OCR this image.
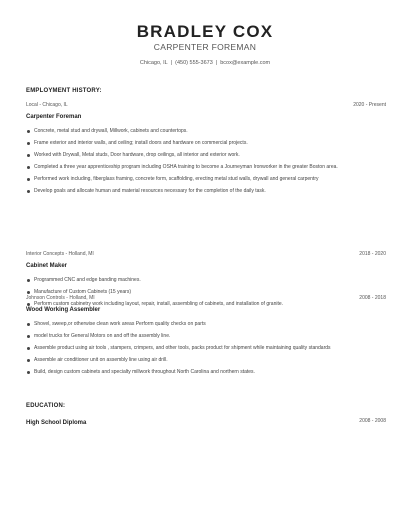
BRADLEY COX
CARPENTER FOREMAN
Chicago, IL | (450) 555-3673 | bcox@example.com
EMPLOYMENT HISTORY:
Local - Chicago, IL	2020 - Present
Carpenter Foreman
Concrete, metal stud and drywall, Millwork, cabinets and countertops.
Frame exterior and interior walls, and ceiling; install doors and hardware on commercial projects.
Worked with Drywall, Metal studs, Door hardware, drop ceilings, all interior and exterior work.
Completed a three year apprenticeship program including OSHA training to become a Journeyman Ironworker in the greater Boston area.
Performed work including, fiberglass framing, concrete form, scaffolding, erecting metal stud walls, drywall and general carpentry
Develop goals and allocate human and material resources necessary for the completion of the daily task.
Interior Concepts - Holland, MI	2018 - 2020
Cabinet Maker
Programmed CNC and edge banding machines.
Manufacture of Custom Cabinets (15 years)
Perform custom cabinetry work including layout, repair, install, assembling of cabinets, and installation of granite.
Johnson Controls - Holland, MI	2008 - 2018
Wood Working Assembler
Shovel, sweep,or otherwise clean work areas Perform quality checks on parts
model trucks for General Motors on and off the assembly line.
Assemble product using air tools , stampers, crimpers, and other tools, packs product for shipment while maintaining quality standards
Assemble air conditioner unit on assembly line using air drill.
Build, design custom cabinets and specialty millwork throughout North Carolina and northern states.
EDUCATION:
High School Diploma	2008 - 2008
